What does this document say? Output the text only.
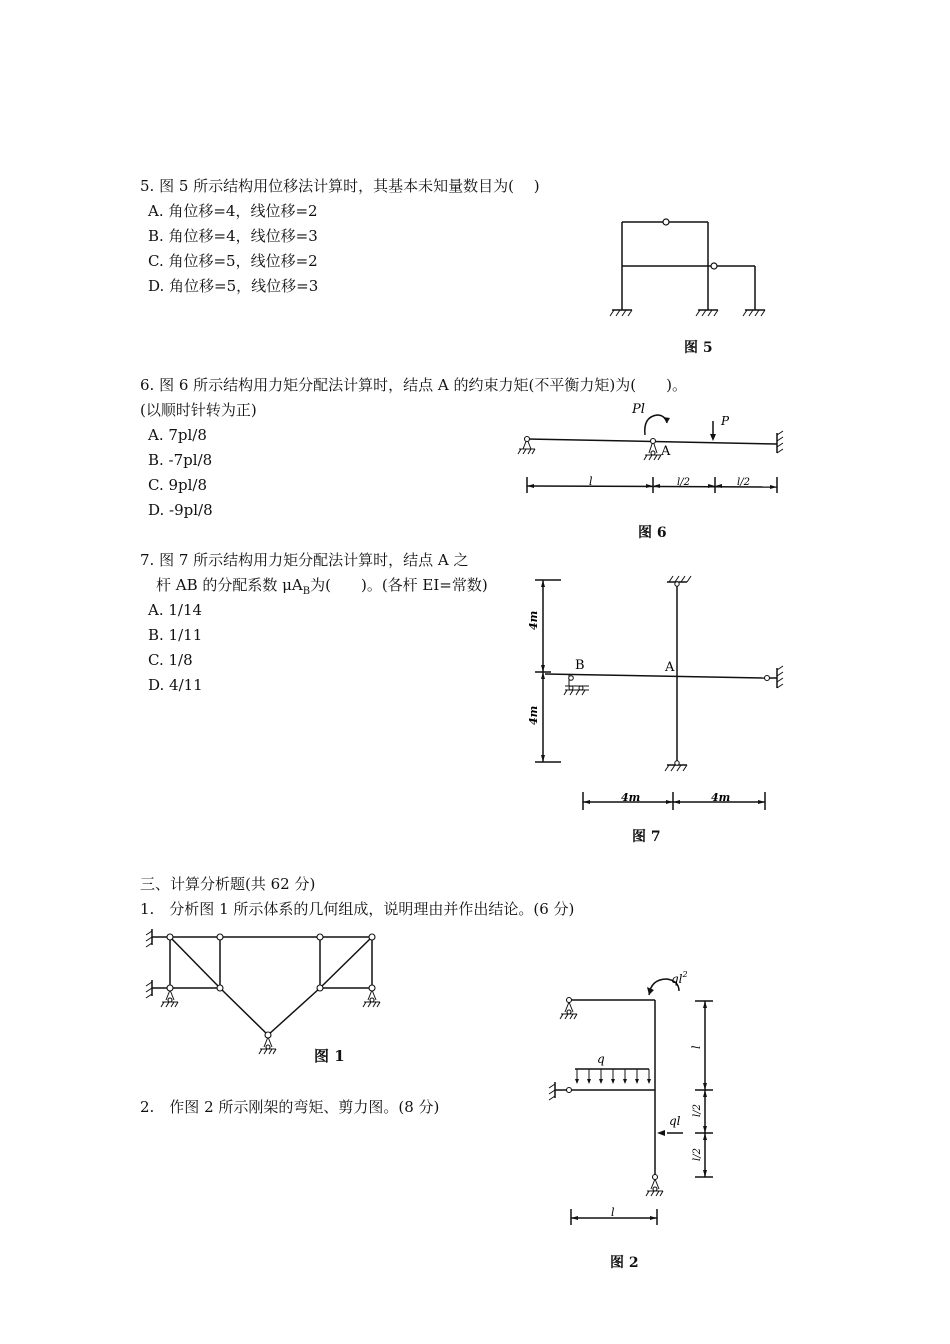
5. 图 5 所示结构用位移法计算时，其基本未知量数目为(　 )
A. 角位移=4，线位移=2
B. 角位移=4，线位移=3
C. 角位移=5，线位移=2
D. 角位移=5，线位移=3
图 5
6. 图 6 所示结构用力矩分配法计算时，结点 A 的约束力矩(不平衡力矩)为(　　)。
(以顺时针转为正)
A. 7pl/8
B. -7pl/8
C. 9pl/8
D. -9pl/8
Pl
P
A
l	l/2	l/2
图 6
7. 图 7 所示结构用力矩分配法计算时，结点 A 之
杆 AB 的分配系数 $\mu A_B$为(　　)。(各杆 EI=常数)
A. 1/14
B. 1/11
C. 1/8
D. 4/11
4m
4m
B	A
4m	4m
图 7
三、计算分析题(共 62 分)
1.　分析图 1 所示体系的几何组成，说明理由并作出结论。(6 分)
图 1
2.　作图 2 所示刚架的弯矩、剪力图。(8 分)
$ql^2$
q
ql
l
l/2
l/2
l
图 2
